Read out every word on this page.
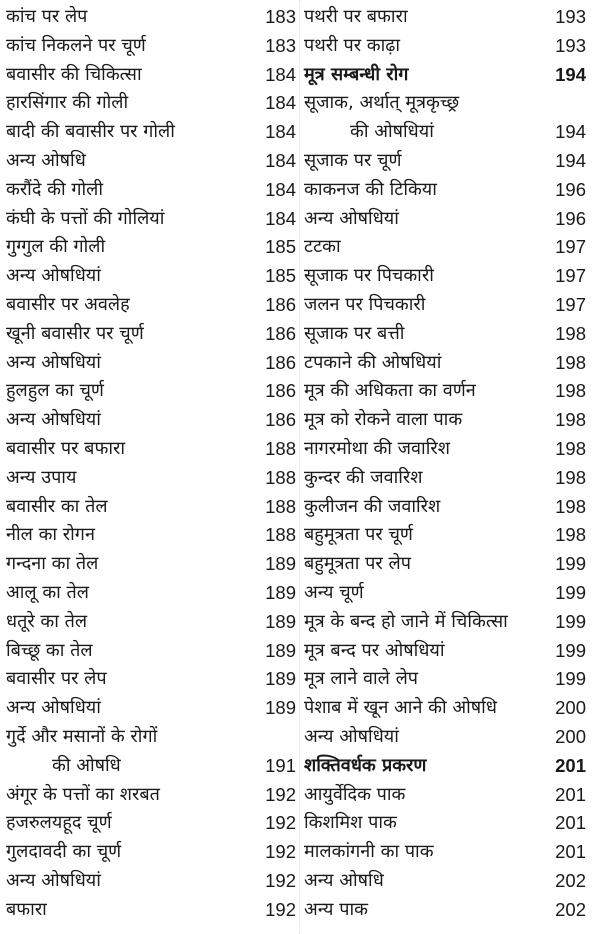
कांच पर लेप	183
कांच निकलने पर चूर्ण	183
बवासीर की चिकित्सा	184
हारसिंगार की गोली	184
बादी की बवासीर पर गोली	184
अन्य ओषधि	184
करौंदे की गोली	184
कंघी के पत्तों की गोलियां	184
गुग्गुल की गोली	185
अन्य ओषधियां	185
बवासीर पर अवलेह	186
खूनी बवासीर पर चूर्ण	186
अन्य ओषधियां	186
हुलहुल का चूर्ण	186
अन्य ओषधियां	186
बवासीर पर बफारा	188
अन्य उपाय	188
बवासीर का तेल	188
नील का रोगन	188
गन्दना का तेल	189
आलू का तेल	189
धतूरे का तेल	189
बिच्छू का तेल	189
बवासीर पर लेप	189
अन्य ओषधियां	189
गुर्दे और मसानों के रोगों
की ओषधि	191
अंगूर के पत्तों का शरबत	192
हजरुलयहूद चूर्ण	192
गुलदावदी का चूर्ण	192
अन्य ओषधियां	192
बफारा	192
पथरी पर बफारा	193
पथरी पर काढ़ा	193
मूत्र सम्बन्धी रोग	194
सूजाक, अर्थात् मूत्रकृच्छ्र
की ओषधियां	194
सूजाक पर चूर्ण	194
काकनज की टिकिया	196
अन्य ओषधियां	196
टटका	197
सूजाक पर पिचकारी	197
जलन पर पिचकारी	197
सूजाक पर बत्ती	198
टपकाने की ओषधियां	198
मूत्र की अधिकता का वर्णन	198
मूत्र को रोकने वाला पाक	198
नागरमोथा की जवारिश	198
कुन्दर की जवारिश	198
कुलीजन की जवारिश	198
बहुमूत्रता पर चूर्ण	198
बहुमूत्रता पर लेप	199
अन्य चूर्ण	199
मूत्र के बन्द हो जाने में चिकित्सा	199
मूत्र बन्द पर ओषधियां	199
मूत्र लाने वाले लेप	199
पेशाब में खून आने की ओषधि	200
अन्य ओषधियां	200
शक्तिवर्धक प्रकरण	201
आयुर्वेदिक पाक	201
किशमिश पाक	201
मालकांगनी का पाक	201
अन्य ओषधि	202
अन्य पाक	202
